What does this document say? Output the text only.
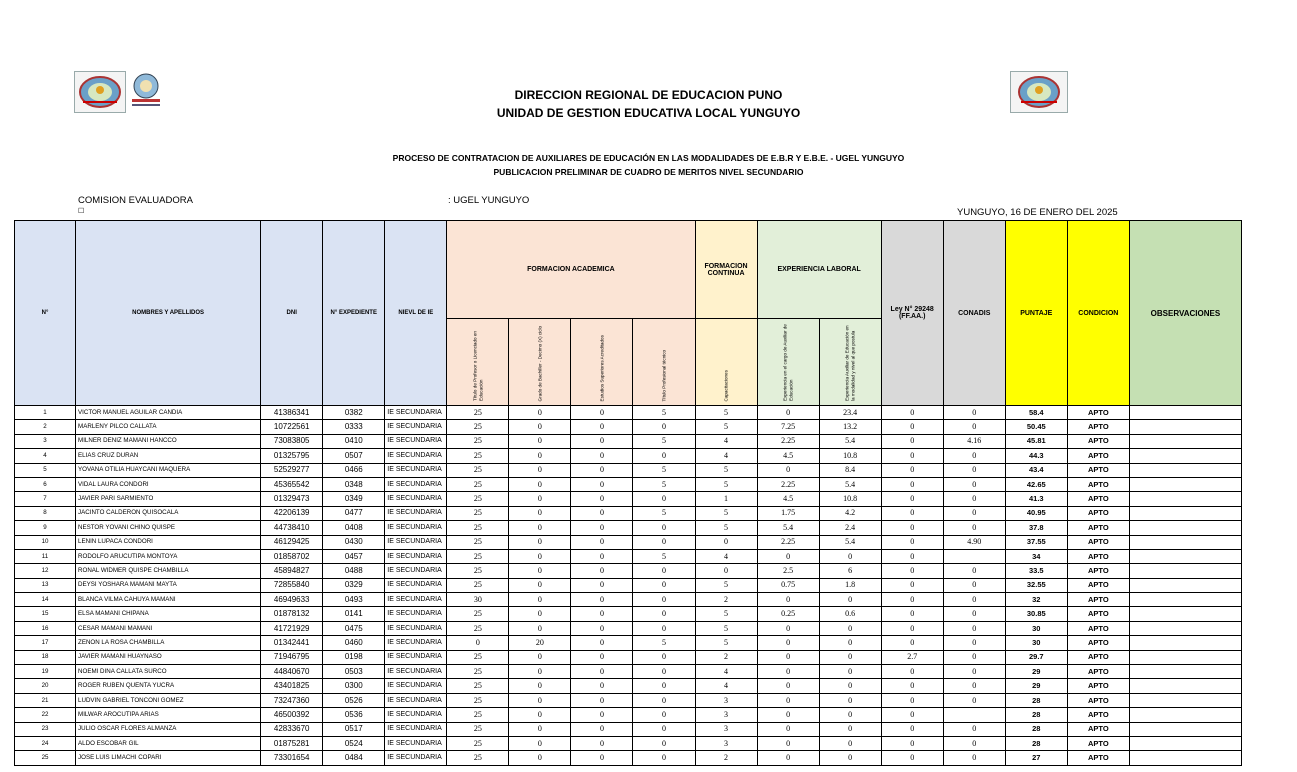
DIRECCION REGIONAL DE EDUCACION PUNO
UNIDAD DE GESTION EDUCATIVA LOCAL YUNGUYO
PROCESO DE CONTRATACION DE AUXILIARES DE EDUCACIÓN EN LAS MODALIDADES DE E.B.R Y E.B.E. - UGEL YUNGUYO
PUBLICACION PRELIMINAR DE CUADRO DE MERITOS NIVEL SECUNDARIO
COMISION EVALUADORA
☐
: UGEL YUNGUYO
YUNGUYO, 16 DE ENERO DEL 2025
N°	NOMBRES Y APELLIDOS	DNI	N° EXPEDIENTE	NIEVL DE IE	FORMACION ACADEMICA				FORMACION CONTINUA	EXPERIENCIA LABORAL		Ley N° 29248 (FF.AA.)	CONADIS	PUNTAJE	CONDICION	OBSERVACIONES

					Título de Profesor o Licenciado en Educación	Grado de Bachiller - Decimo (X) ciclo	Estudios Superiores Acreditados	Título Profesional técnico	Capacitaciones	Experiencia en el cargo de Auxiliar de Educación	Experiencia Auxiliar de Educación en la modalidad y nivel al que postula					

1	VICTOR MANUEL AGUILAR CANDIA	41386341	0382	IE SECUNDARIA	25	0	0	5	5	0	23.4	0	0	58.4	APTO	
2	MARLENY PILCO CALLATA	10722561	0333	IE SECUNDARIA	25	0	0	0	5	7.25	13.2	0	0	50.45	APTO	
3	MILNER DENIZ MAMANI HANCCO	73083805	0410	IE SECUNDARIA	25	0	0	5	4	2.25	5.4	0	4.16	45.81	APTO	
4	ELIAS CRUZ DURAN	01325795	0507	IE SECUNDARIA	25	0	0	0	4	4.5	10.8	0	0	44.3	APTO	
5	YOVANA OTILIA HUAYCANI MAQUERA	52529277	0466	IE SECUNDARIA	25	0	0	5	5	0	8.4	0	0	43.4	APTO	
6	VIDAL LAURA CONDORI	45365542	0348	IE SECUNDARIA	25	0	0	5	5	2.25	5.4	0	0	42.65	APTO	
7	JAVIER PARI SARMIENTO	01329473	0349	IE SECUNDARIA	25	0	0	0	1	4.5	10.8	0	0	41.3	APTO	
8	JACINTO CALDERON QUISOCALA	42206139	0477	IE SECUNDARIA	25	0	0	5	5	1.75	4.2	0	0	40.95	APTO	
9	NESTOR YOVANI CHINO QUISPE	44738410	0408	IE SECUNDARIA	25	0	0	0	5	5.4	2.4	0	0	37.8	APTO	
10	LENIN LUPACA CONDORI	46129425	0430	IE SECUNDARIA	25	0	0	0	0	2.25	5.4	0	4.90	37.55	APTO	
11	RODOLFO ARUCUTIPA MONTOYA	01858702	0457	IE SECUNDARIA	25	0	0	5	4	0	0	0		34	APTO	
12	RONAL WIDMER QUISPE CHAMBILLA	45894827	0488	IE SECUNDARIA	25	0	0	0	0	2.5	6	0	0	33.5	APTO	
13	DEYSI YOSHARA MAMANI MAYTA	72855840	0329	IE SECUNDARIA	25	0	0	0	5	0.75	1.8	0	0	32.55	APTO	
14	BLANCA VILMA CAHUYA MAMANI	46949633	0493	IE SECUNDARIA	30	0	0	0	2	0	0	0	0	32	APTO	
15	ELSA MAMANI CHIPANA	01878132	0141	IE SECUNDARIA	25	0	0	0	5	0.25	0.6	0	0	30.85	APTO	
16	CESAR MAMANI MAMANI	41721929	0475	IE SECUNDARIA	25	0	0	0	5	0	0	0	0	30	APTO	
17	ZENON LA ROSA CHAMBILLA	01342441	0460	IE SECUNDARIA	0	20	0	5	5	0	0	0	0	30	APTO	
18	JAVIER MAMANI HUAYNASO	71946795	0198	IE SECUNDARIA	25	0	0	0	2	0	0	2.7	0	29.7	APTO	
19	NOEMI DINA CALLATA SURCO	44840670	0503	IE SECUNDARIA	25	0	0	0	4	0	0	0	0	29	APTO	
20	ROGER RUBEN QUENTA YUCRA	43401825	0300	IE SECUNDARIA	25	0	0	0	4	0	0	0	0	29	APTO	
21	LUDVIN GABRIEL TONCONI GOMEZ	73247360	0526	IE SECUNDARIA	25	0	0	0	3	0	0	0	0	28	APTO	
22	MILWAR AROCUTIPA ARIAS	46500392	0536	IE SECUNDARIA	25	0	0	0	3	0	0	0		28	APTO	
23	JULIO OSCAR FLORES ALMANZA	42833670	0517	IE SECUNDARIA	25	0	0	0	3	0	0	0	0	28	APTO	
24	ALDO ESCOBAR GIL	01875281	0524	IE SECUNDARIA	25	0	0	0	3	0	0	0	0	28	APTO	
25	JOSE LUIS LIMACHI COPARI	73301654	0484	IE SECUNDARIA	25	0	0	0	2	0	0	0	0	27	APTO	
